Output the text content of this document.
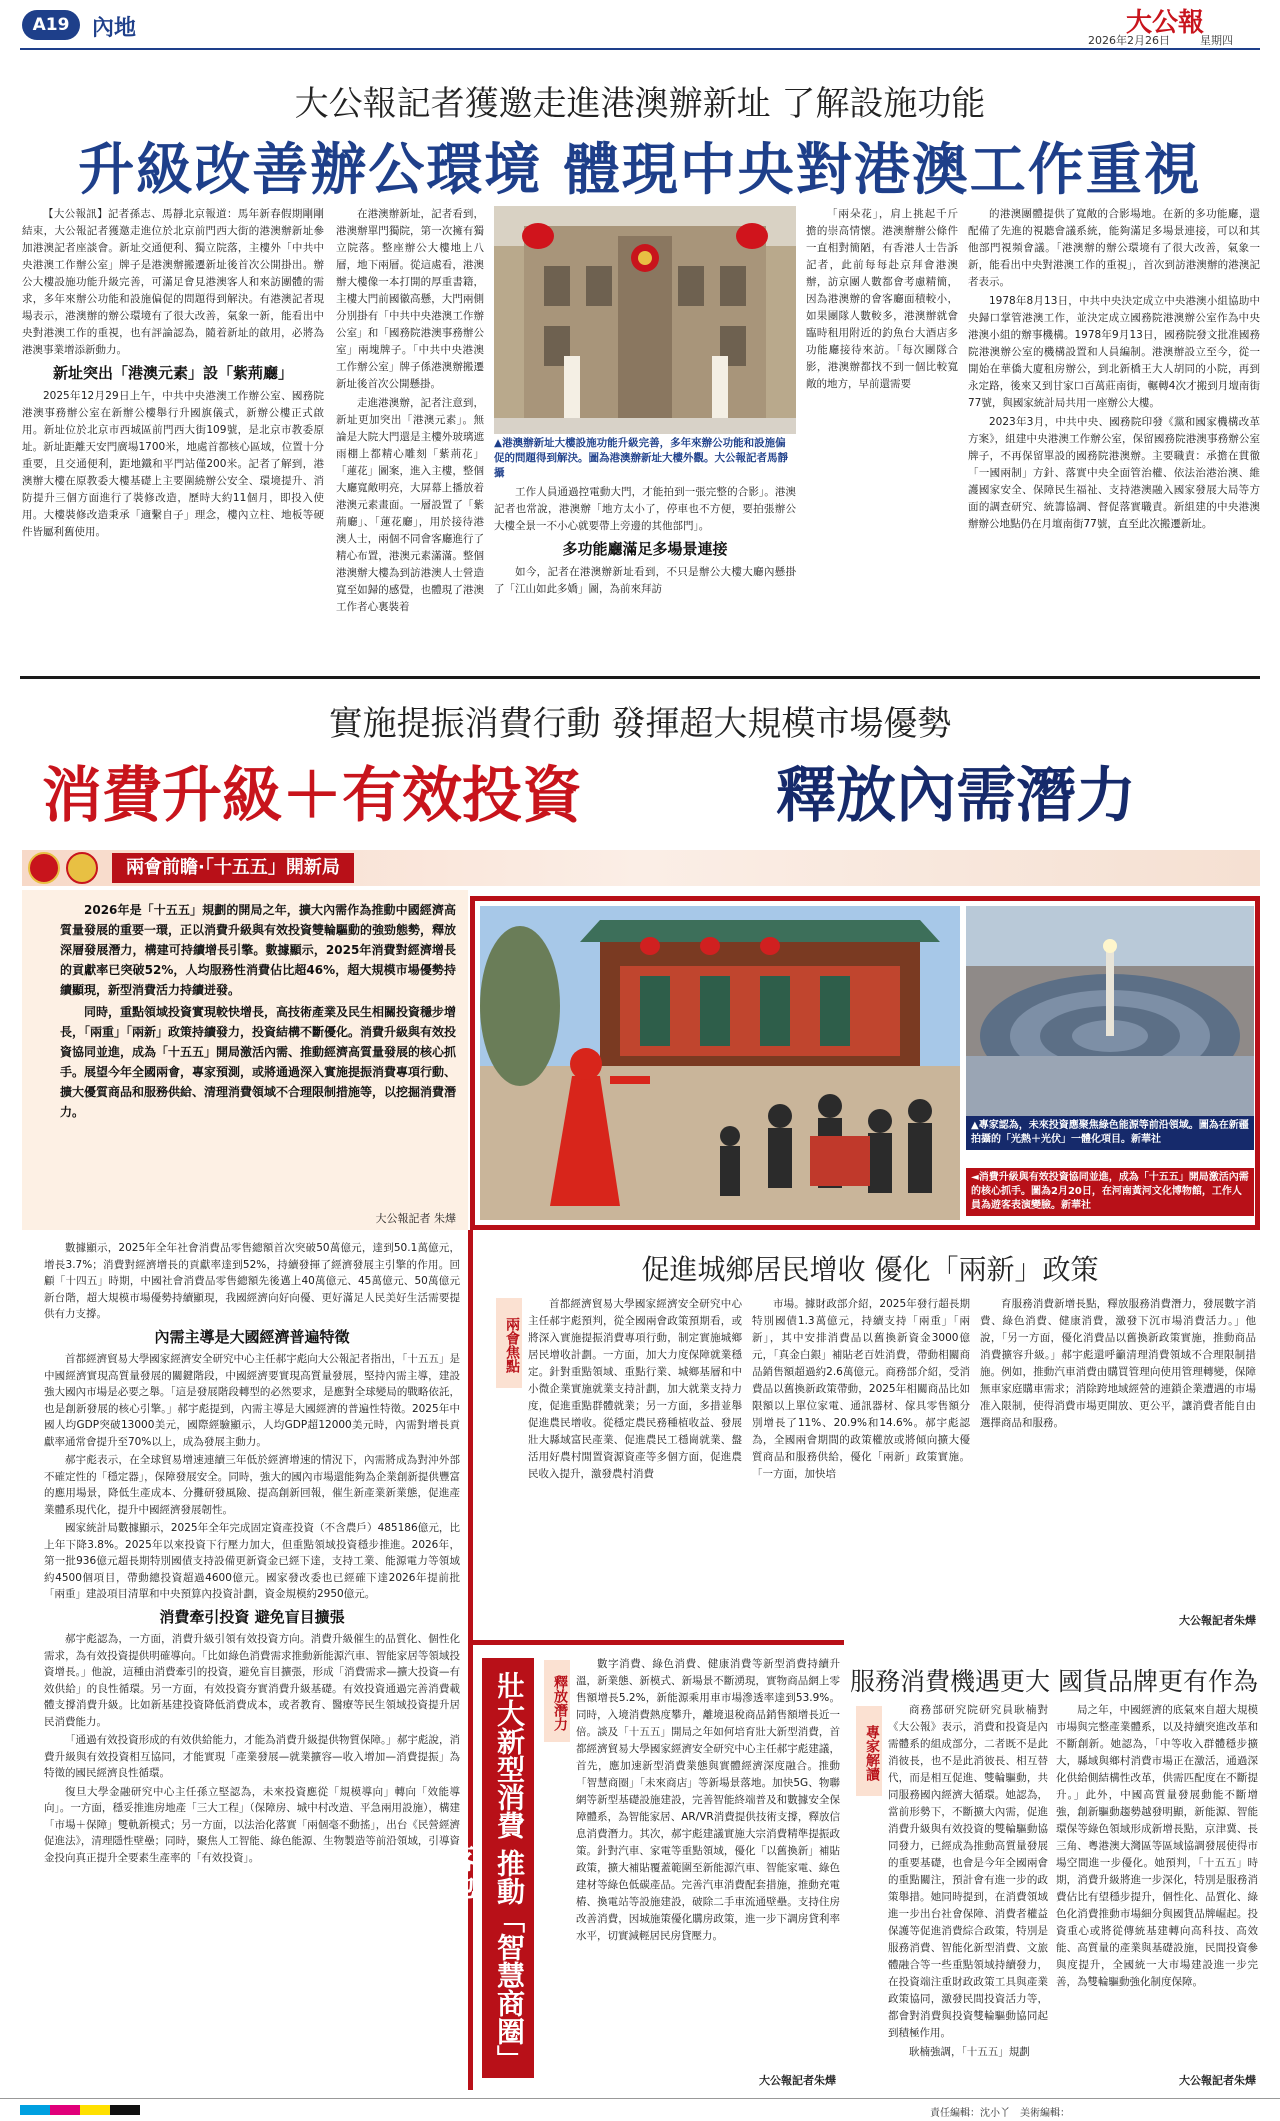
A19	內地	大公報
2026年2月26日	星期四
大公報記者獲邀走進港澳辦新址 了解設施功能
升級改善辦公環境 體現中央對港澳工作重視

【大公報訊】記者孫志、馬靜北京報道：馬年新春假期剛剛結束，大公報記者獲邀走進位於北京前門西大街的港澳辦新址參加港澳記者座談會。新址交通便利、獨立院落，主樓外「中共中央港澳工作辦公室」牌子是港澳辦搬遷新址後首次公開掛出。辦公大樓設施功能升級完善，可滿足會見港澳客人和來訪團體的需求，多年來辦公功能和設施偏促的問題得到解決。有港澳記者現場表示，港澳辦的辦公環境有了很大改善，氣象一新，能看出中央對港澳工作的重視，也有評論認為，隨着新址的啟用，必將為港澳事業增添新動力。

新址突出「港澳元素」設「紫荊廳」

2025年12月29日上午，中共中央港澳工作辦公室、國務院港澳事務辦公室在新辦公樓舉行升國旗儀式，新辦公樓正式啟用。新址位於北京市西城區前門西大街109號，是北京市教委原址。新址距離天安門廣場1700米，地處首都核心區域，位置十分重要，且交通便利，距地鐵和平門站僅200米。記者了解到，港澳辦大樓在原教委大樓基礎上主要圍繞辦公安全、環境提升、消防提升三個方面進行了裝修改造，歷時大約11個月，即投入使用。大樓裝修改造秉承「適繫自子」理念，樓內立柱、地板等硬件皆屬利舊使用。

在港澳辦新址，記者看到，港澳辦單門獨院，第一次擁有獨立院落。整座辦公大樓地上八層，地下兩層。從這處看，港澳辦大樓像一本打開的厚重書籍，主樓大門前國徽高懸，大門兩側分別掛有「中共中央港澳工作辦公室」和「國務院港澳事務辦公室」兩塊牌子。「中共中央港澳工作辦公室」牌子係港澳辦搬遷新址後首次公開懸掛。

走進港澳辦，記者注意到，新址更加突出「港澳元素」。無論是大院大門還是主樓外玻璃遮雨棚上都精心雕刻「紫荊花」「蓮花」圖案，進入主樓，整個大廳寬敞明亮，大屏幕上播放着港澳元素畫面。一層設置了「紫荊廳」、「蓮花廳」，用於接待港澳人士，兩個不同會客廳進行了精心布置，港澳元素滿滿。整個港澳辦大樓為到訪港澳人士營造寬至如歸的感覺，也體現了港澳工作者心裏裝着

▲港澳辦新址大樓設施功能升級完善，多年來辦公功能和設施偏促的問題得到解決。圖為港澳辦新址大樓外觀。大公報記者馬靜攝

工作人員通過控電動大門，才能拍到一張完整的合影」。港澳記者也常說，港澳辦「地方太小了，停車也不方便，要拍張辦公大樓全景一不小心就要帶上旁邊的其他部門」。

多功能廳滿足多場景連接

如今，記者在港澳辦新址看到，不只是辦公大樓大廳內懸掛了「江山如此多嬌」圖，為前來拜訪

「兩朵花」，肩上挑起千斤擔的崇高情懷。港澳辦辦公條件一直相對簡陋，有香港人士告訴記者，此前每每赴京拜會港澳辦，訪京團人數都會考慮精簡，因為港澳辦的會客廳面積較小，如果團隊人數較多，港澳辦就會臨時租用附近的釣魚台大酒店多功能廳接待來訪。「每次團隊合影，港澳辦都找不到一個比較寬敞的地方，早前還需要

的港澳團體提供了寬敞的合影場地。在新的多功能廳，還配備了先進的視聽會議系統，能夠滿足多場景連接，可以和其他部門視頻會議。「港澳辦的辦公環境有了很大改善，氣象一新，能看出中央對港澳工作的重視」，首次到訪港澳辦的港澳記者表示。

1978年8月13日，中共中央決定成立中央港澳小組協助中央歸口掌管港澳工作，並決定成立國務院港澳辦公室作為中央港澳小組的辦事機構。1978年9月13日，國務院發文批准國務院港澳辦公室的機構設置和人員編制。港澳辦設立至今，從一開始在華僑大廈租房辦公，到北新橋王大人胡同的小院，再到永定路，後來又到甘家口百萬莊南街，輾轉4次才搬到月壇南街77號，與國家統計局共用一座辦公大樓。

2023年3月，中共中央、國務院印發《黨和國家機構改革方案》，組建中央港澳工作辦公室，保留國務院港澳事務辦公室牌子，不再保留單設的國務院港澳辦。主要職責：承擔在貫徹「一國兩制」方針、落實中央全面管治權、依法治港治澳、維護國家安全、保障民生福祉、支持港澳融入國家發展大局等方面的調查研究、統籌協調、督促落實職責。新組建的中央港澳辦辦公地點仍在月壇南街77號，直至此次搬遷新址。

實施提振消費行動 發揮超大規模市場優勢
消費升級＋有效投資	釋放內需潛力
兩會前瞻·「十五五」開新局

2026年是「十五五」規劃的開局之年，擴大內需作為推動中國經濟高質量發展的重要一環，正以消費升級與有效投資雙輪驅動的強勁態勢，釋放深層發展潛力，構建可持續增長引擎。數據顯示，2025年消費對經濟增長的貢獻率已突破52%，人均服務性消費佔比超46%，超大規模市場優勢持續顯現，新型消費活力持續迸發。

同時，重點領域投資實現較快增長，高技術產業及民生相關投資穩步增長，「兩重」「兩新」政策持續發力，投資結構不斷優化。消費升級與有效投資協同並進，成為「十五五」開局激活內需、推動經濟高質量發展的核心抓手。展望今年全國兩會，專家預測，或將通過深入實施提振消費專項行動、擴大優質商品和服務供給、清理消費領域不合理限制措施等，以挖掘消費潛力。

大公報記者 朱燁
▲專家認為，未來投資應聚焦綠色能源等前沿領域。圖為在新疆拍攝的「光熱＋光伏」一體化項目。新華社
◄消費升級與有效投資協同並進，成為「十五五」開局激活內需的核心抓手。圖為2月20日，在河南黃河文化博物館，工作人員為遊客表演變臉。新華社

數據顯示，2025年全年社會消費品零售總額首次突破50萬億元，達到50.1萬億元，增長3.7%；消費對經濟增長的貢獻率達到52%，持續發揮了經濟發展主引擎的作用。回顧「十四五」時期，中國社會消費品零售總額先後邁上40萬億元、45萬億元、50萬億元新台階，超大規模市場優勢持續顯現，我國經濟向好向優、更好滿足人民美好生活需要提供有力支撐。

內需主導是大國經濟普遍特徵

首都經濟貿易大學國家經濟安全研究中心主任郝宇彪向大公報記者指出，「十五五」是中國經濟實現高質量發展的關鍵階段，中國經濟要實現高質量發展，堅持內需主導，建設強大國內市場是必要之舉。「這是發展階段轉型的必然要求，是應對全球變局的戰略依託，也是創新發展的核心引擎。」郝宇彪提到，內需主導是大國經濟的普遍性特徵。2025年中國人均GDP突破13000美元，國際經驗顯示，人均GDP超12000美元時，內需對增長貢獻率通常會提升至70%以上，成為發展主動力。

郝宇彪表示，在全球貿易增速連續三年低於經濟增速的情況下，內需將成為對沖外部不確定性的「穩定器」，保障發展安全。同時，強大的國內市場還能夠為企業創新提供豐富的應用場景，降低生產成本、分攤研發風險、提高創新回報，催生新產業新業態，促進產業體系現代化，提升中國經濟發展韌性。

國家統計局數據顯示，2025年全年完成固定資產投資（不含農戶）485186億元，比上年下降3.8%。2025年以來投資下行壓力加大，但重點領域投資穩步推進。2026年，第一批936億元超長期特別國債支持設備更新資金已經下達，支持工業、能源電力等領域約4500個項目，帶動總投資超過4600億元。國家發改委也已經確下達2026年提前批「兩重」建設項目清單和中央預算內投資計劃，資金規模約2950億元。

消費牽引投資 避免盲目擴張

郝宇彪認為，一方面，消費升級引領有效投資方向。消費升級催生的品質化、個性化需求，為有效投資提供明確導向。「比如綠色消費需求推動新能源汽車、智能家居等領域投資增長。」他說，這種由消費牽引的投資，避免盲目擴張，形成「消費需求—擴大投資—有效供給」的良性循環。另一方面，有效投資夯實消費升級基礎。有效投資通過完善消費載體支撐消費升級。比如新基建投資降低消費成本，或者教育、醫療等民生領域投資提升居民消費能力。

「通過有效投資形成的有效供給能力，才能為消費升級提供物質保障。」郝宇彪說，消費升級與有效投資相互協同，才能實現「產業發展—就業擴容—收入增加—消費提振」為特徵的國民經濟良性循環。

復旦大學金融研究中心主任孫立堅認為，未來投資應從「規模導向」轉向「效能導向」。一方面，穩妥推進房地產「三大工程」（保障房、城中村改造、平急兩用設施），構建「市場＋保障」雙軌新模式；另一方面，以法治化落實「兩個毫不動搖」，出台《民營經濟促進法》，清理隱性壁壘；同時，聚焦人工智能、綠色能源、生物製造等前沿領域，引導資金投向真正提升全要素生產率的「有效投資」。

促進城鄉居民增收 優化「兩新」政策
兩會焦點

首都經濟貿易大學國家經濟安全研究中心主任郝宇彪預判，從全國兩會政策預期看，或將深入實施提振消費專項行動，制定實施城鄉居民增收計劃。一方面，加大力度保障就業穩定。針對重點領域、重點行業、城鄉基層和中小微企業實施就業支持計劃，加大就業支持力度，促進重點群體就業；另一方面，多措並舉促進農民增收。從穩定農民務種植收益、發展壯大縣域富民產業、促進農民工穩崗就業、盤活用好農村閒置資源資產等多個方面，促進農民收入提升，激發農村消費

市場。據財政部介紹，2025年發行超長期特別國債1.3萬億元，持續支持「兩重」「兩新」，其中安排消費品以舊換新資金3000億元，「真金白銀」補貼老百姓消費，帶動相關商品銷售額超過約2.6萬億元。商務部介紹，受消費品以舊換新政策帶動，2025年相關商品比如限額以上單位家電、通訊器材、傢具零售額分別增長了11%、20.9%和14.6%。郝宇彪認為，全國兩會期間的政策權放或將傾向擴大優質商品和服務供給，優化「兩新」政策實施。「一方面，加快培

育服務消費新增長點，釋放服務消費潛力，發展數字消費、綠色消費、健康消費，激發下沉市場消費活力。」他說，「另一方面，優化消費品以舊換新政策實施，推動商品消費擴容升級。」郝宇彪還呼籲清理消費領域不合理限制措施。例如，推動汽車消費由購買管理向使用管理轉變，保障無車家庭購車需求；消除跨地域經營的連鎖企業遭遇的市場准入限制，使得消費市場更開放、更公平，讓消費者能自由選擇商品和服務。

大公報記者朱燁
壯大新型消費 推動「智慧商圈」落地
釋放潛力

數字消費、綠色消費、健康消費等新型消費持續升溫，新業態、新模式、新場景不斷湧現，實物商品網上零售額增長5.2%，新能源乘用車市場滲透率達到53.9%。同時，入境消費熱度攀升，離境退稅商品銷售額增長近一倍。談及「十五五」開局之年如何培育壯大新型消費，首都經濟貿易大學國家經濟安全研究中心主任郝宇彪建議，首先，應加速新型消費業態與實體經濟深度融合。推動「智慧商圈」「未來商店」等新場景落地。加快5G、物聯網等新型基礎設施建設，完善智能終端普及和數據安全保障體系，為智能家居、AR/VR消費提供技術支撐，釋放信息消費潛力。其次，郝宇彪建議實施大宗消費精準提振政策。針對汽車、家電等重點領域，優化「以舊換新」補貼政策，擴大補貼覆蓋範圍至新能源汽車、智能家電、綠色建材等綠色低碳產品。完善汽車消費配套措施，推動充電樁、換電站等設施建設，破除二手車流通壁壘。支持住房改善消費，因城施策優化購房政策，進一步下調房貸利率水平，切實減輕居民房貸壓力。

大公報記者朱燁
服務消費機遇更大 國貨品牌更有作為
專家解讀

商務部研究院研究員耿楠對《大公報》表示，消費和投資是內需體系的組成部分，二者既不是此消彼長，也不是此消彼長、相互替代，而是相互促進、雙輪驅動，共同服務國內經濟大循環。她認為，當前形勢下，不斷擴大內需，促進消費升級與有效投資的雙輪驅動協同發力，已經成為推動高質量發展的重要基礎，也會是今年全國兩會的重點關注，預計會有進一步的政策舉措。她同時提到，在消費領域進一步出台社會保障、消費者權益保護等促進消費綜合政策，特別是服務消費、智能化新型消費、文旅體融合等一些重點領域持續發力，在投資端注重財政政策工具與產業政策協同，激發民間投資活力等，都會對消費與投資雙輪驅動協同起到積極作用。

耿楠強調，「十五五」規劃

局之年，中國經濟的底氣來自超大規模市場與完整產業體系，以及持續突進改革和不斷創新。她認為，「中等收入群體穩步擴大，縣域與鄉村消費市場正在激活，通過深化供給側結構性改革，供需匹配度在不斷提升。」此外，中國高質量發展動能不斷增強，創新驅動趨勢越發明顯，新能源、智能環保等綠色領域形成新增長點，京津冀、長三角、粵港澳大灣區等區域協調發展使得市場空間進一步優化。她預判，「十五五」時期，消費升級將進一步深化，特別是服務消費佔比有望穩步提升，個性化、品質化、綠色化消費推動市場細分與國貨品牌崛起。投資重心或將從傳統基建轉向高科技、高效能、高質量的產業與基礎設施，民間投資參與度提升，全國統一大市場建設進一步完善，為雙輪驅動強化制度保障。

大公報記者朱燁
責任編輯：沈小丫　美術編輯：
